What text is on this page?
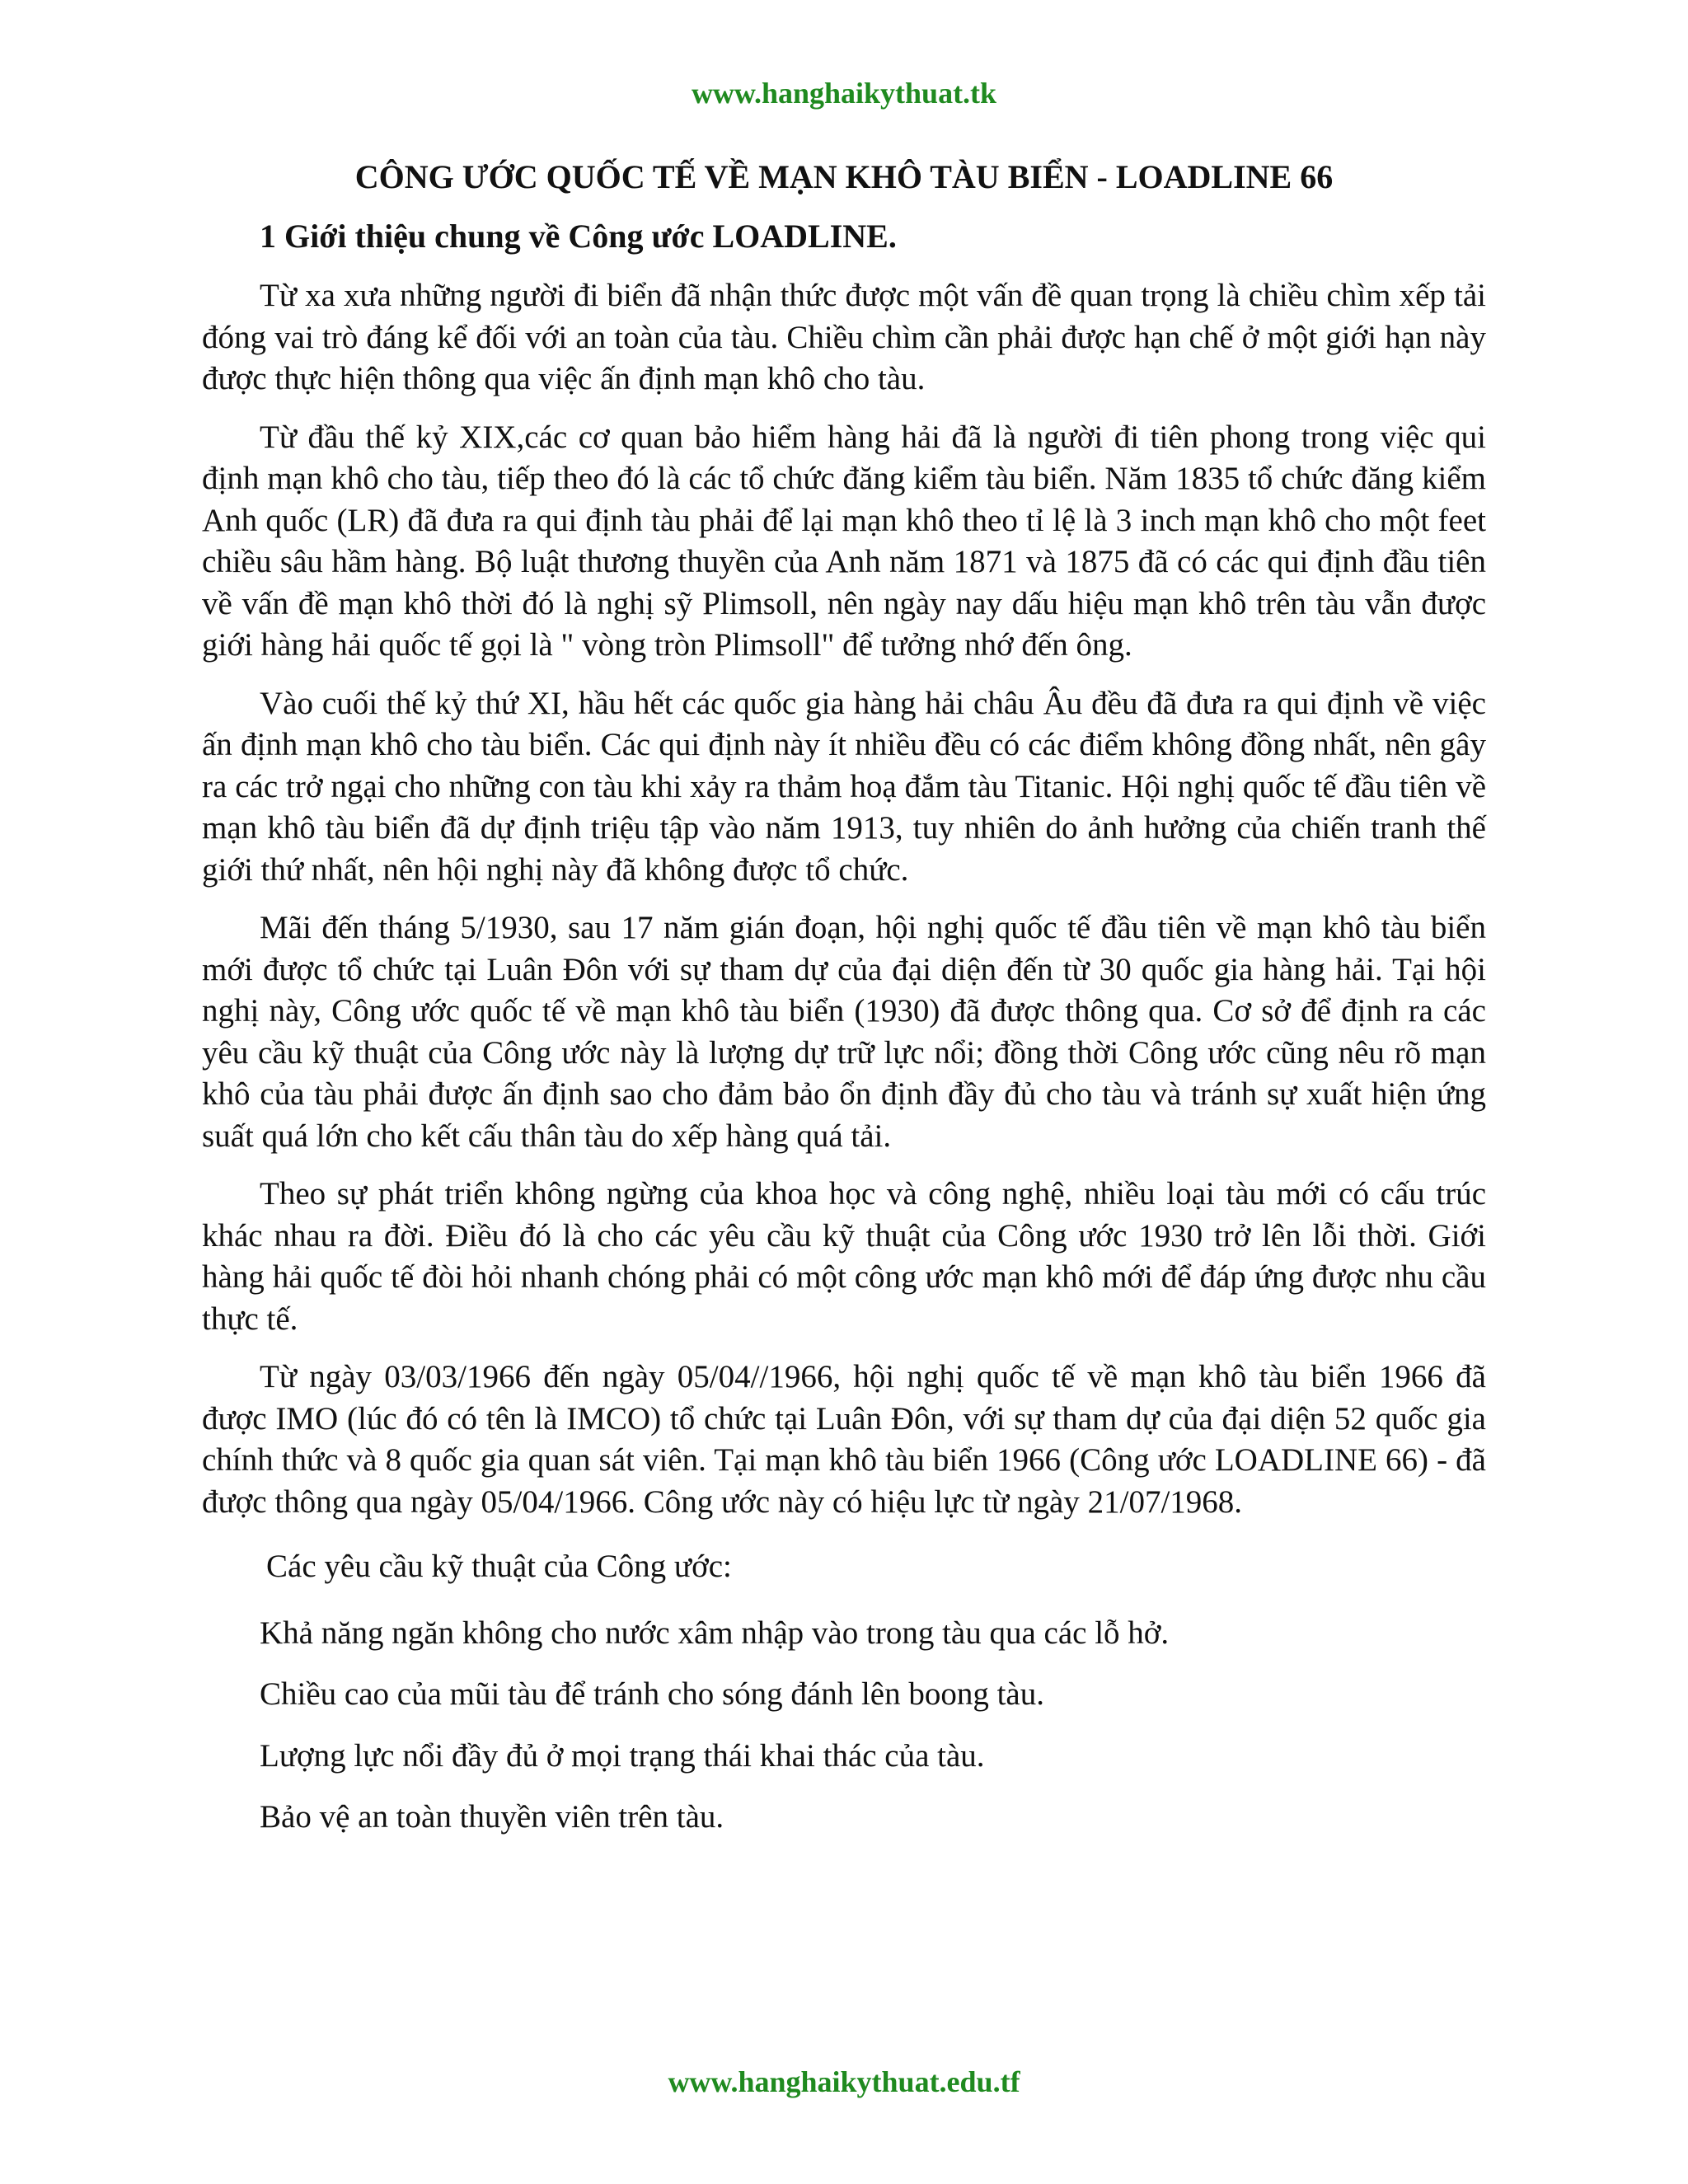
www.hanghaikythuat.tk
CÔNG ƯỚC QUỐC TẾ VỀ MẠN KHÔ TÀU BIỂN - LOADLINE 66
1 Giới thiệu chung về Công ước LOADLINE.

Từ xa xưa những người đi biển đã nhận thức được một vấn đề quan trọng là chiều chìm xếp tải đóng vai trò đáng kể đối với an toàn của tàu. Chiều chìm cần phải được hạn chế ở một giới hạn này được thực hiện thông qua việc ấn định mạn khô cho tàu.

Từ đầu thế kỷ XIX,các cơ quan bảo hiểm hàng hải đã là người đi tiên phong trong việc qui định mạn khô cho tàu, tiếp theo đó là các tổ chức đăng kiểm tàu biển. Năm 1835 tổ chức đăng kiểm Anh quốc (LR) đã đưa ra qui định tàu phải để lại mạn khô theo tỉ lệ là 3 inch mạn khô cho một feet chiều sâu hầm hàng. Bộ luật thương thuyền của Anh năm 1871 và 1875 đã có các qui định đầu tiên về vấn đề mạn khô thời đó là nghị sỹ Plimsoll, nên ngày nay dấu hiệu mạn khô trên tàu vẫn được giới hàng hải quốc tế gọi là " vòng tròn Plimsoll" để tưởng nhớ đến ông.

Vào cuối thế kỷ thứ XI, hầu hết các quốc gia hàng hải châu Âu đều đã đưa ra qui định về việc ấn định mạn khô cho tàu biển. Các qui định này ít nhiều đều có các điểm không đồng nhất, nên gây ra các trở ngại cho những con tàu khi xảy ra thảm hoạ đắm tàu Titanic. Hội nghị quốc tế đầu tiên về mạn khô tàu biển đã dự định triệu tập vào năm 1913, tuy nhiên do ảnh hưởng của chiến tranh thế giới thứ nhất, nên hội nghị này đã không được tổ chức.

Mãi đến tháng 5/1930, sau 17 năm gián đoạn, hội nghị quốc tế đầu tiên về mạn khô tàu biển mới được tổ chức tại Luân Đôn với sự tham dự của đại diện đến từ 30 quốc gia hàng hải. Tại hội nghị này, Công ước quốc tế về mạn khô tàu biển (1930) đã được thông qua. Cơ sở để định ra các yêu cầu kỹ thuật của Công ước này là lượng dự trữ lực nổi; đồng thời Công ước cũng nêu rõ mạn khô của tàu phải được ấn định sao cho đảm bảo ổn định đầy đủ cho tàu và tránh sự xuất hiện ứng suất quá lớn cho kết cấu thân tàu do xếp hàng quá tải.

Theo sự phát triển không ngừng của khoa học và công nghệ, nhiều loại tàu mới có cấu trúc khác nhau ra đời. Điều đó là cho các yêu cầu kỹ thuật của Công ước 1930 trở lên lỗi thời. Giới hàng hải quốc tế đòi hỏi nhanh chóng phải có một công ước mạn khô mới để đáp ứng được nhu cầu thực tế.

Từ ngày 03/03/1966 đến ngày 05/04//1966, hội nghị quốc tế về mạn khô tàu biển 1966 đã được IMO (lúc đó có tên là IMCO) tổ chức tại Luân Đôn, với sự tham dự của đại diện 52 quốc gia chính thức và 8 quốc gia quan sát viên. Tại mạn khô tàu biển 1966 (Công ước LOADLINE 66) - đã được thông qua ngày 05/04/1966. Công ước này có hiệu lực từ ngày 21/07/1968.

Các yêu cầu kỹ thuật của Công ước:
Khả năng ngăn không cho nước xâm nhập vào trong tàu qua các lỗ hở.
Chiều cao của mũi tàu để tránh cho sóng đánh lên boong tàu.
Lượng lực nổi đầy đủ ở mọi trạng thái khai thác của tàu.
Bảo vệ an toàn thuyền viên trên tàu.
www.hanghaikythuat.edu.tf
